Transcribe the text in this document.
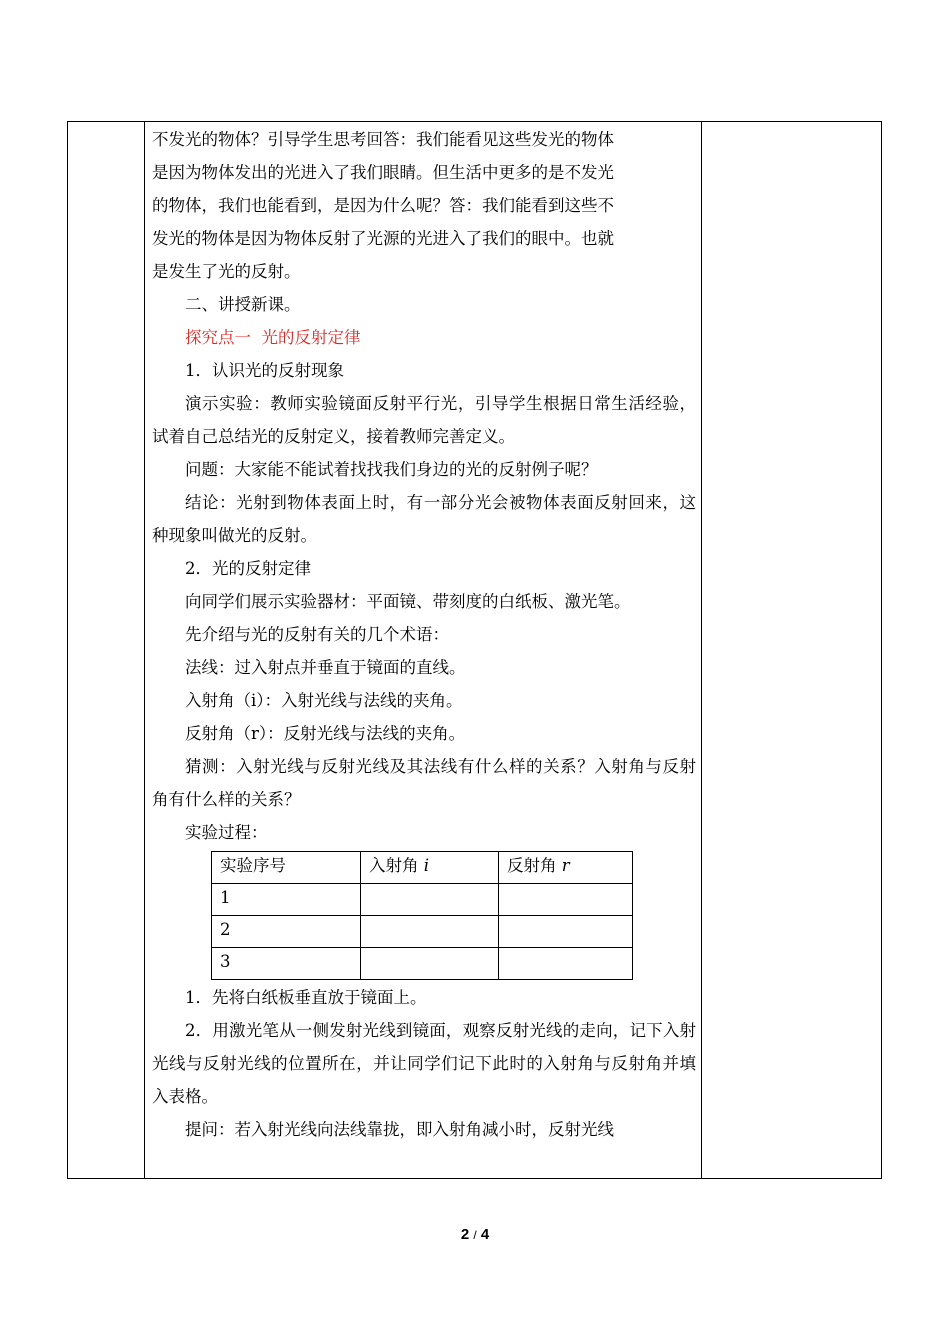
不发光的物体？引导学生思考回答：我们能看见这些发光的物体

是因为物体发出的光进入了我们眼睛。但生活中更多的是不发光

的物体，我们也能看到，是因为什么呢？答：我们能看到这些不

发光的物体是因为物体反射了光源的光进入了我们的眼中。也就

是发生了光的反射。

二、讲授新课。

探究点一  光的反射定律

1．认识光的反射现象

演示实验：教师实验镜面反射平行光，引导学生根据日常生活经验，试着自己总结光的反射定义，接着教师完善定义。

问题：大家能不能试着找找我们身边的光的反射例子呢？

结论：光射到物体表面上时，有一部分光会被物体表面反射回来，这种现象叫做光的反射。

2．光的反射定律

向同学们展示实验器材：平面镜、带刻度的白纸板、激光笔。

先介绍与光的反射有关的几个术语：

法线：过入射点并垂直于镜面的直线。

入射角（i）：入射光线与法线的夹角。

反射角（r）：反射光线与法线的夹角。

猜测：入射光线与反射光线及其法线有什么样的关系？入射角与反射角有什么样的关系？

实验过程：

实验序号	入射角 i	反射角 r
1		
2		
3		

1．先将白纸板垂直放于镜面上。

2．用激光笔从一侧发射光线到镜面，观察反射光线的走向，记下入射光线与反射光线的位置所在，并让同学们记下此时的入射角与反射角并填入表格。

提问：若入射光线向法线靠拢，即入射角减小时，反射光线

2 / 4
